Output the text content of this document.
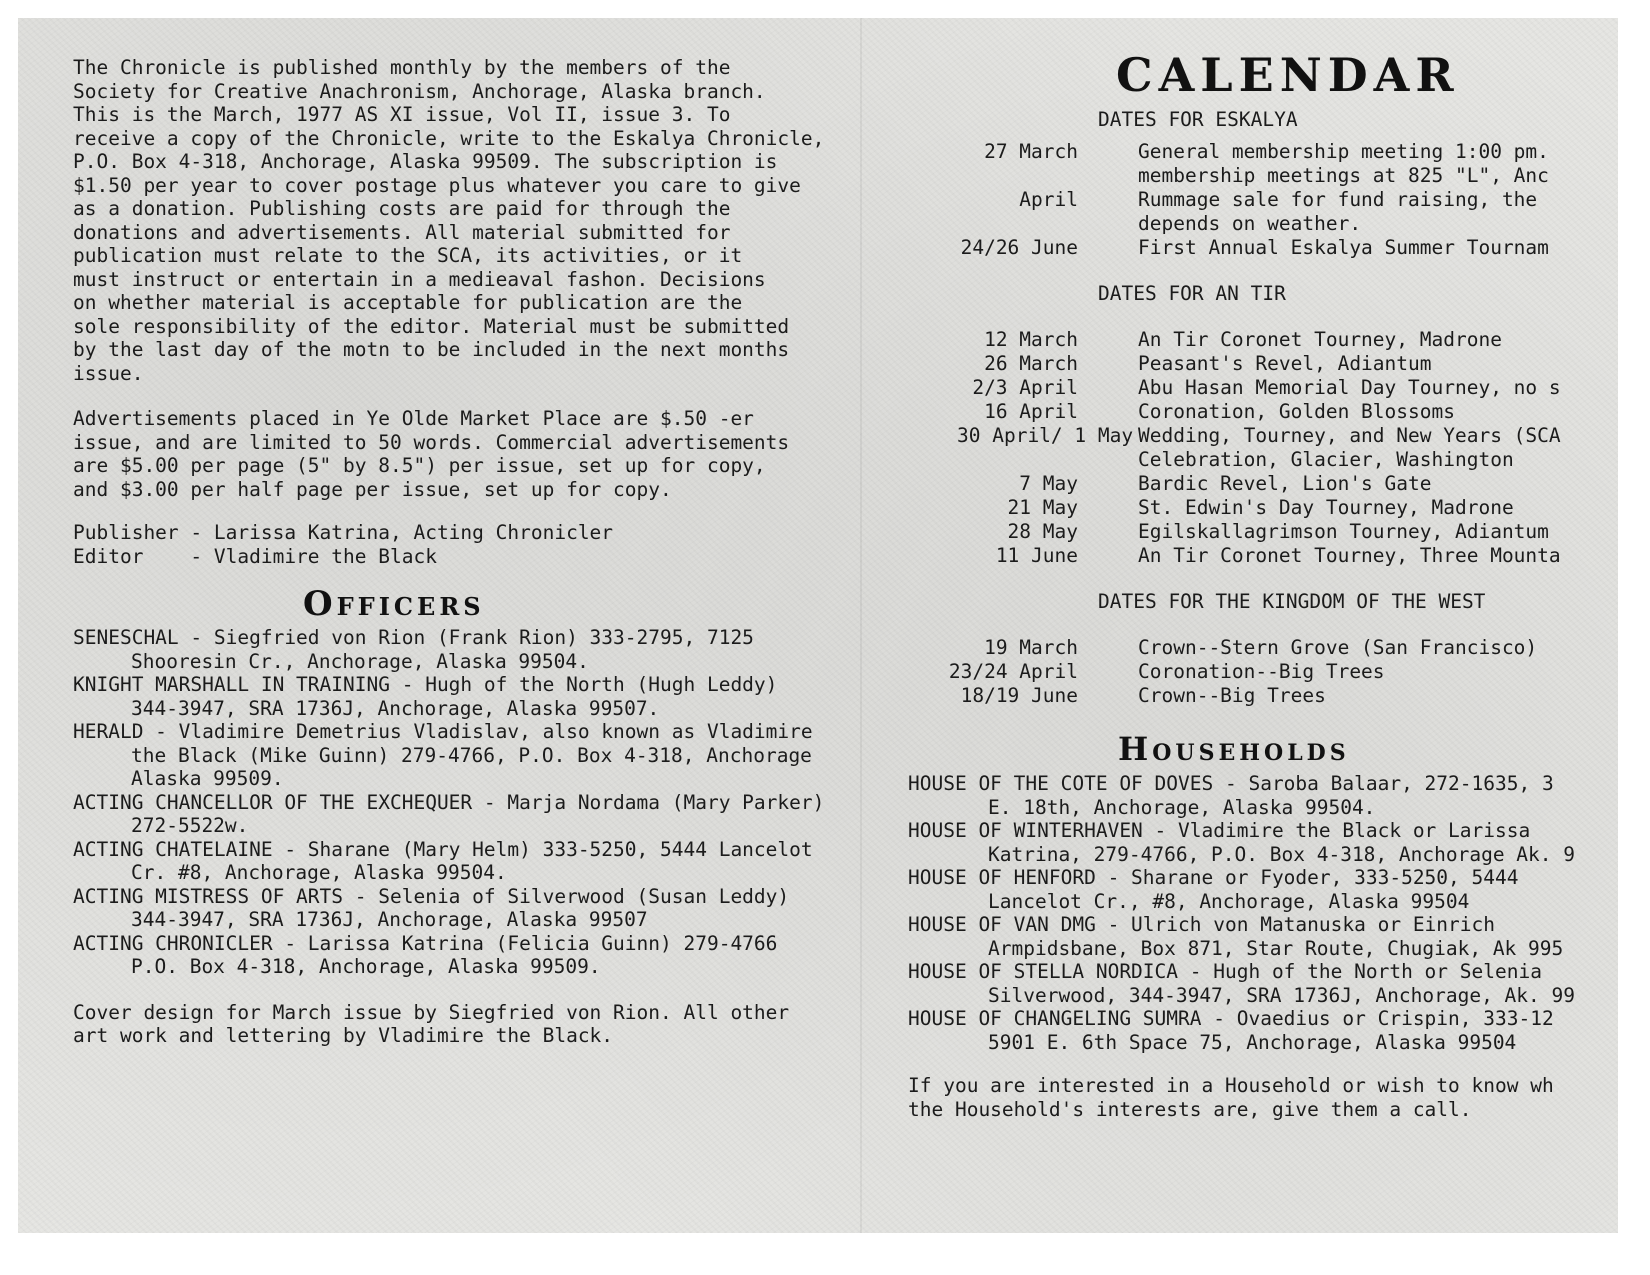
The Chronicle is published monthly by the members of the
Society for Creative Anachronism, Anchorage, Alaska branch.
This is the March, 1977 AS XI issue, Vol II, issue 3. To
receive a copy of the Chronicle, write to the Eskalya Chronicle,
P.O. Box 4-318, Anchorage, Alaska 99509. The subscription is
$1.50 per year to cover postage plus whatever you care to give
as a donation. Publishing costs are paid for through the
donations and advertisements. All material submitted for
publication must relate to the SCA, its activities, or it
must instruct or entertain in a medieaval fashon. Decisions
on whether material is acceptable for publication are the
sole responsibility of the editor. Material must be submitted
by the last day of the motn to be included in the next months
issue.

Advertisements placed in Ye Olde Market Place are $.50 -er
issue, and are limited to 50 words. Commercial advertisements
are $5.00 per page (5" by 8.5") per issue, set up for copy,
and $3.00 per half page per issue, set up for copy.

Publisher - Larissa Katrina, Acting Chronicler
Editor    - Vladimire the Black
Officers
SENESCHAL - Siegfried von Rion (Frank Rion) 333-2795, 7125
Shooresin Cr., Anchorage, Alaska 99504.
KNIGHT MARSHALL IN TRAINING - Hugh of the North (Hugh Leddy)
344-3947, SRA 1736J, Anchorage, Alaska 99507.
HERALD - Vladimire Demetrius Vladislav, also known as Vladimire
the Black (Mike Guinn) 279-4766, P.O. Box 4-318, Anchorage
Alaska 99509.
ACTING CHANCELLOR OF THE EXCHEQUER - Marja Nordama (Mary Parker)
272-5522w.
ACTING CHATELAINE - Sharane (Mary Helm) 333-5250, 5444 Lancelot
Cr. #8, Anchorage, Alaska 99504.
ACTING MISTRESS OF ARTS - Selenia of Silverwood (Susan Leddy)
344-3947, SRA 1736J, Anchorage, Alaska 99507
ACTING CHRONICLER - Larissa Katrina (Felicia Guinn) 279-4766
P.O. Box 4-318, Anchorage, Alaska 99509.

Cover design for March issue by Siegfried von Rion. All other
art work and lettering by Vladimire the Black.

CALENDAR
DATES FOR ESKALYA
27 March	General membership meeting 1:00 pm.
membership meetings at 825 "L", Anc
April	Rummage sale for fund raising, the
depends on weather.
24/26 June	First Annual Eskalya Summer Tournam
DATES FOR AN TIR
12 March	An Tir Coronet Tourney, Madrone
26 March	Peasant's Revel, Adiantum
2/3 April	Abu Hasan Memorial Day Tourney, no s
16 April	Coronation, Golden Blossoms
30 April/ 1 May Wedding, Tourney, and New Years (SCA
Celebration, Glacier, Washington
7 May	Bardic Revel, Lion's Gate
21 May	St. Edwin's Day Tourney, Madrone
28 May	Egilskallagrimson Tourney, Adiantum
11 June	An Tir Coronet Tourney, Three Mounta
DATES FOR THE KINGDOM OF THE WEST
19 March	Crown--Stern Grove (San Francisco)
23/24 April	Coronation--Big Trees
18/19 June	Crown--Big Trees
Households
HOUSE OF THE COTE OF DOVES - Saroba Balaar, 272-1635, 3
E. 18th, Anchorage, Alaska 99504.
HOUSE OF WINTERHAVEN - Vladimire the Black or Larissa
Katrina, 279-4766, P.O. Box 4-318, Anchorage Ak. 9
HOUSE OF HENFORD - Sharane or Fyoder, 333-5250, 5444
Lancelot Cr., #8, Anchorage, Alaska 99504
HOUSE OF VAN DMG - Ulrich von Matanuska or Einrich
Armpidsbane, Box 871, Star Route, Chugiak, Ak 995
HOUSE OF STELLA NORDICA - Hugh of the North or Selenia
Silverwood, 344-3947, SRA 1736J, Anchorage, Ak. 99
HOUSE OF CHANGELING SUMRA - Ovaedius or Crispin, 333-12
5901 E. 6th Space 75, Anchorage, Alaska 99504

If you are interested in a Household or wish to know wh
the Household's interests are, give them a call.
